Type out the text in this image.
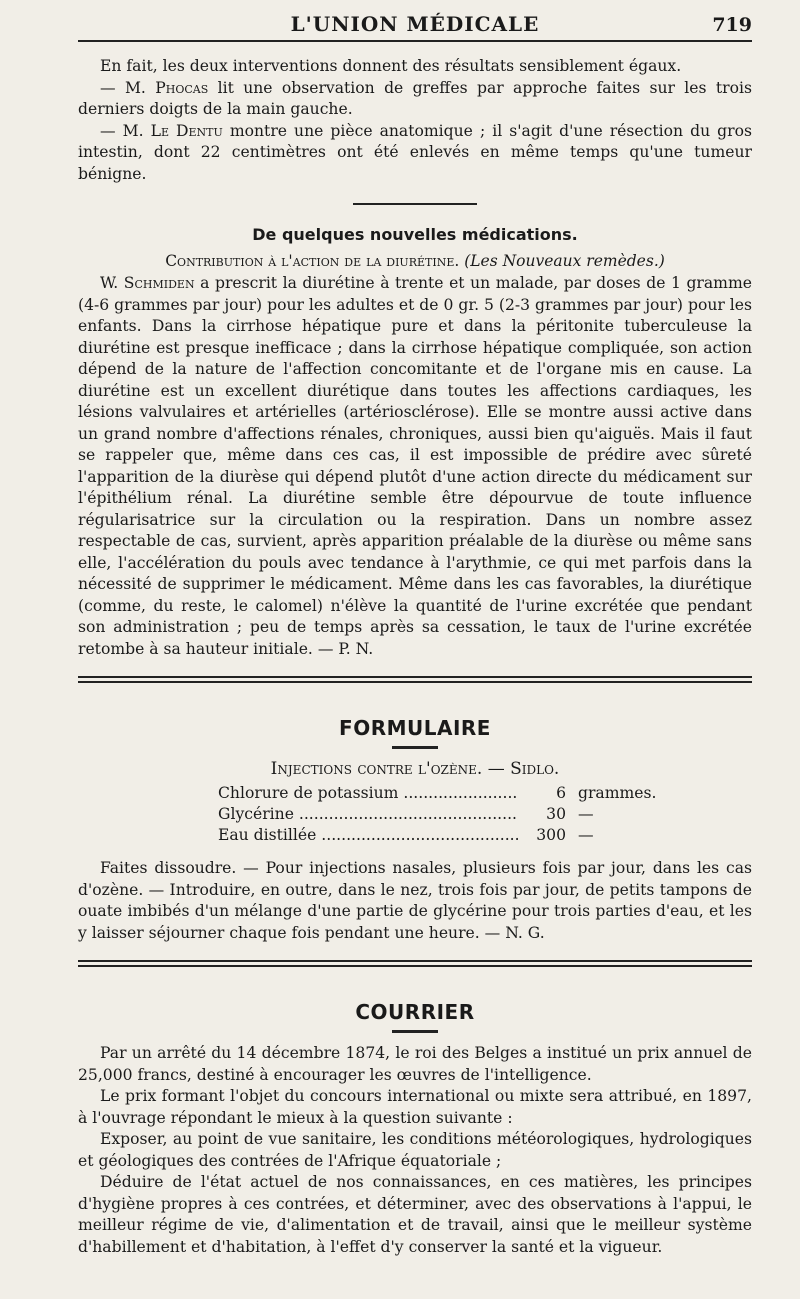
L'UNION MÉDICALE	719

En fait, les deux interventions donnent des résultats sensiblement égaux.

— M. Phocas lit une observation de greffes par approche faites sur les trois derniers doigts de la main gauche.

— M. Le Dentu montre une pièce anatomique ; il s'agit d'une résection du gros intestin, dont 22 centimètres ont été enlevés en même temps qu'une tumeur bénigne.

De quelques nouvelles médications.
Contribution à l'action de la diurétine. (Les Nouveaux remèdes.)

W. Schmiden a prescrit la diurétine à trente et un malade, par doses de 1 gramme (4-6 grammes par jour) pour les adultes et de 0 gr. 5 (2-3 grammes par jour) pour les enfants. Dans la cirrhose hépatique pure et dans la péritonite tuberculeuse la diurétine est presque inefficace ; dans la cirrhose hépatique compliquée, son action dépend de la nature de l'affection concomitante et de l'organe mis en cause. La diurétine est un excellent diurétique dans toutes les affections cardiaques, les lésions valvulaires et artérielles (artériosclérose). Elle se montre aussi active dans un grand nombre d'affections rénales, chroniques, aussi bien qu'aiguës. Mais il faut se rappeler que, même dans ces cas, il est impossible de prédire avec sûreté l'apparition de la diurèse qui dépend plutôt d'une action directe du médicament sur l'épithélium rénal. La diurétine semble être dépourvue de toute influence régularisatrice sur la circulation ou la respiration. Dans un nombre assez respectable de cas, survient, après apparition préalable de la diurèse ou même sans elle, l'accélération du pouls avec tendance à l'arythmie, ce qui met parfois dans la nécessité de supprimer le médicament. Même dans les cas favorables, la diurétique (comme, du reste, le calomel) n'élève la quantité de l'urine excrétée que pendant son administration ; peu de temps après sa cessation, le taux de l'urine excrétée retombe à sa hauteur initiale. — P. N.

FORMULAIRE
Injections contre l'ozène. — Sidlo.
Chlorure de potassium .....	6 grammes.
Glycérine .....	30 —
Eau distillée .....	300 —

Faites dissoudre. — Pour injections nasales, plusieurs fois par jour, dans les cas d'ozène. — Introduire, en outre, dans le nez, trois fois par jour, de petits tampons de ouate imbibés d'un mélange d'une partie de glycérine pour trois parties d'eau, et les y laisser séjourner chaque fois pendant une heure. — N. G.

COURRIER

Par un arrêté du 14 décembre 1874, le roi des Belges a institué un prix annuel de 25,000 francs, destiné à encourager les œuvres de l'intelligence.

Le prix formant l'objet du concours international ou mixte sera attribué, en 1897, à l'ouvrage répondant le mieux à la question suivante :

Exposer, au point de vue sanitaire, les conditions météorologiques, hydrologiques et géologiques des contrées de l'Afrique équatoriale ;

Déduire de l'état actuel de nos connaissances, en ces matières, les principes d'hygiène propres à ces contrées, et déterminer, avec des observations à l'appui, le meilleur régime de vie, d'alimentation et de travail, ainsi que le meilleur système d'habillement et d'habitation, à l'effet d'y conserver la santé et la vigueur.
